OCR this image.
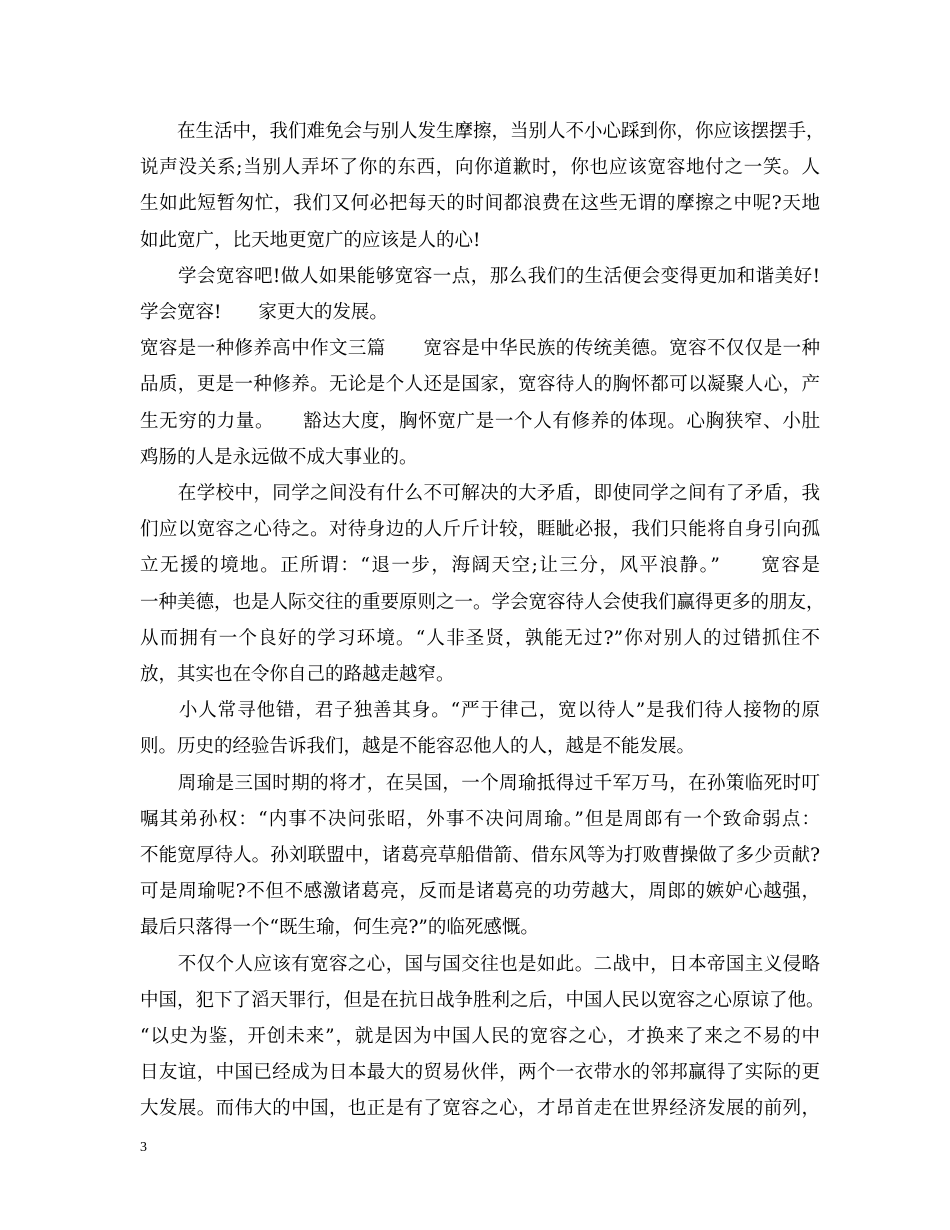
　　在生活中，我们难免会与别人发生摩擦，当别人不小心踩到你，你应该摆摆手，
说声没关系;当别人弄坏了你的东西，向你道歉时，你也应该宽容地付之一笑。人
生如此短暂匆忙，我们又何必把每天的时间都浪费在这些无谓的摩擦之中呢?天地
如此宽广，比天地更宽广的应该是人的心!
　　学会宽容吧!做人如果能够宽容一点，那么我们的生活便会变得更加和谐美好!
学会宽容!　　家更大的发展。
宽容是一种修养高中作文三篇　　宽容是中华民族的传统美德。宽容不仅仅是一种
品质，更是一种修养。无论是个人还是国家，宽容待人的胸怀都可以凝聚人心，产
生无穷的力量。　　豁达大度，胸怀宽广是一个人有修养的体现。心胸狭窄、小肚
鸡肠的人是永远做不成大事业的。
　　在学校中，同学之间没有什么不可解决的大矛盾，即使同学之间有了矛盾，我
们应以宽容之心待之。对待身边的人斤斤计较，睚眦必报，我们只能将自身引向孤
立无援的境地。正所谓：“退一步，海阔天空;让三分，风平浪静。”　　宽容是
一种美德，也是人际交往的重要原则之一。学会宽容待人会使我们赢得更多的朋友，
从而拥有一个良好的学习环境。“人非圣贤，孰能无过?”你对别人的过错抓住不
放，其实也在令你自己的路越走越窄。
　　小人常寻他错，君子独善其身。“严于律己，宽以待人”是我们待人接物的原
则。历史的经验告诉我们，越是不能容忍他人的人，越是不能发展。
　　周瑜是三国时期的将才，在吴国，一个周瑜抵得过千军万马，在孙策临死时叮
嘱其弟孙权：“内事不决问张昭，外事不决问周瑜。”但是周郎有一个致命弱点：
不能宽厚待人。孙刘联盟中，诸葛亮草船借箭、借东风等为打败曹操做了多少贡献?
可是周瑜呢?不但不感激诸葛亮，反而是诸葛亮的功劳越大，周郎的嫉妒心越强，
最后只落得一个“既生瑜，何生亮?”的临死感慨。
　　不仅个人应该有宽容之心，国与国交往也是如此。二战中，日本帝国主义侵略
中国，犯下了滔天罪行，但是在抗日战争胜利之后，中国人民以宽容之心原谅了他。
“以史为鉴，开创未来”，就是因为中国人民的宽容之心，才换来了来之不易的中
日友谊，中国已经成为日本最大的贸易伙伴，两个一衣带水的邻邦赢得了实际的更
大发展。而伟大的中国，也正是有了宽容之心，才昂首走在世界经济发展的前列，
3
